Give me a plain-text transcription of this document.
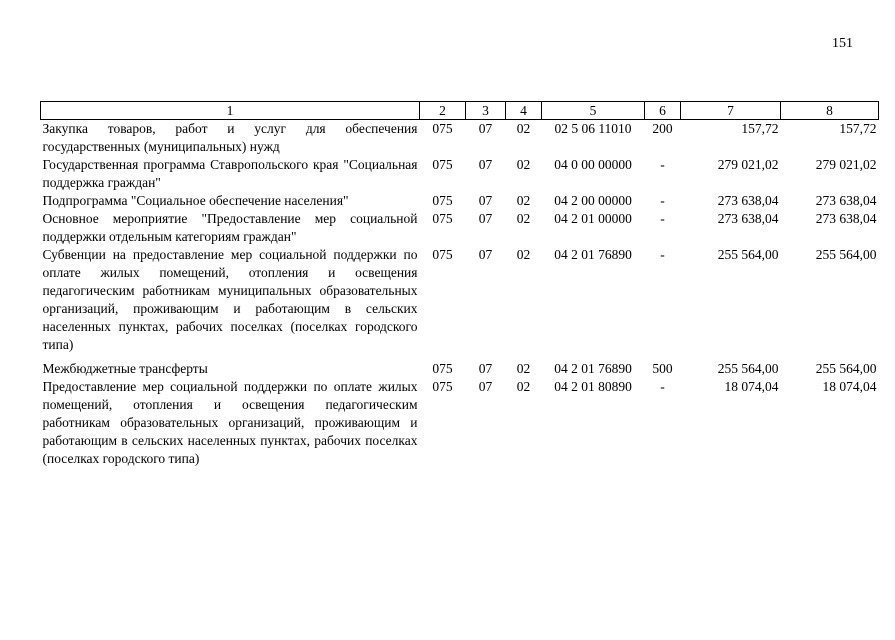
151
1	2	3	4	5	6	7	8

Закупка товаров, работ и услуг для обеспечения государственных (муниципальных) нужд	075	07	02	02 5 06 11010	200	157,72	157,72

Государственная программа Ставропольского края "Социальная поддержка граждан"	075	07	02	04 0 00 00000	-	279 021,02	279 021,02

Подпрограмма "Социальное обеспечение населения"	075	07	02	04 2 00 00000	-	273 638,04	273 638,04

Основное мероприятие "Предоставление мер социальной поддержки отдельным категориям граждан"	075	07	02	04 2 01 00000	-	273 638,04	273 638,04

Субвенции на предоставление мер социальной поддержки по оплате жилых помещений, отопления и освещения педагогическим работникам муниципальных образовательных организаций, проживающим и работающим в сельских населенных пунктах, рабочих поселках (поселках городского типа)	075	07	02	04 2 01 76890	-	255 564,00	255 564,00

Межбюджетные трансферты	075	07	02	04 2 01 76890	500	255 564,00	255 564,00

Предоставление мер социальной поддержки по оплате жилых помещений, отопления и освещения педагогическим работникам образовательных организаций, проживающим и работающим в сельских населенных пунктах, рабочих поселках (поселках городского типа)	075	07	02	04 2 01 80890	-	18 074,04	18 074,04
